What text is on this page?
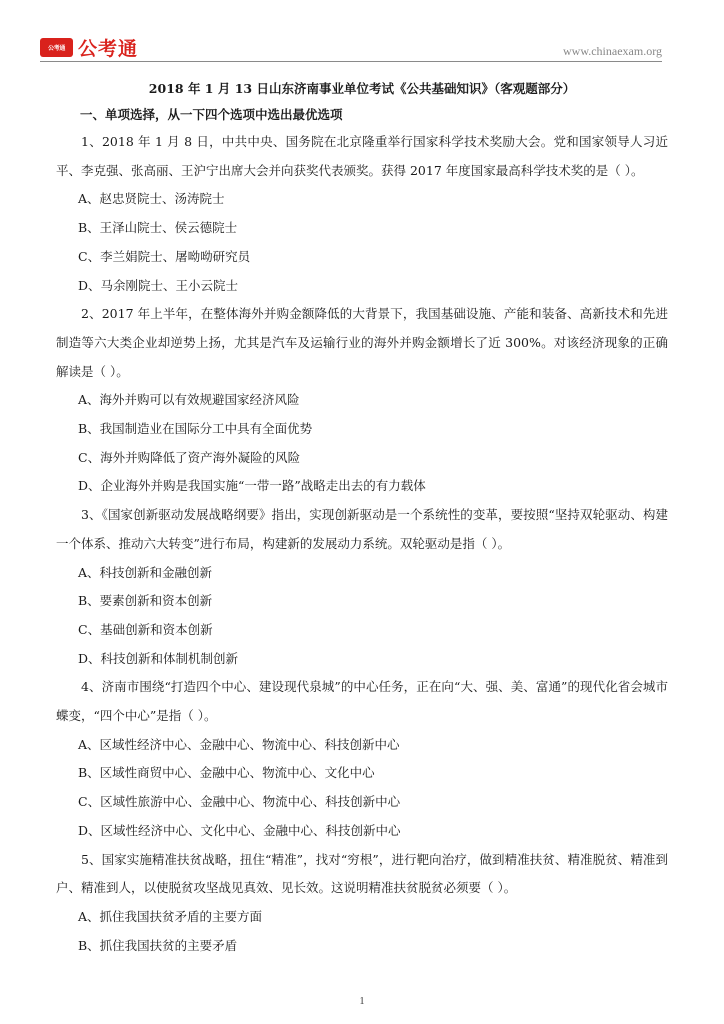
公考通 公考通	www.chinaexam.org

2018 年 1 月 13 日山东济南事业单位考试《公共基础知识》（客观题部分）

一、单项选择，从一下四个选项中选出最优选项

1、2018 年 1 月 8 日，中共中央、国务院在北京隆重举行国家科学技术奖励大会。党和国家领导人习近平、李克强、张高丽、王沪宁出席大会并向获奖代表颁奖。获得 2017 年度国家最高科学技术奖的是（ ）。

A、赵忠贤院士、汤涛院士

B、王泽山院士、侯云德院士

C、李兰娟院士、屠呦呦研究员

D、马余刚院士、王小云院士

2、2017 年上半年，在整体海外并购金额降低的大背景下，我国基础设施、产能和装备、高新技术和先进制造等六大类企业却逆势上扬，尤其是汽车及运输行业的海外并购金额增长了近 300%。对该经济现象的正确解读是（ ）。

A、海外并购可以有效规避国家经济风险

B、我国制造业在国际分工中具有全面优势

C、海外并购降低了资产海外凝险的风险

D、企业海外并购是我国实施“一带一路”战略走出去的有力载体

3、《国家创新驱动发展战略纲要》指出，实现创新驱动是一个系统性的变革，要按照“坚持双轮驱动、构建一个体系、推动六大转变”进行布局，构建新的发展动力系统。双轮驱动是指（ ）。

A、科技创新和金融创新

B、要素创新和资本创新

C、基础创新和资本创新

D、科技创新和体制机制创新

4、济南市围绕“打造四个中心、建设现代泉城”的中心任务，正在向“大、强、美、富通”的现代化省会城市蝶变，“四个中心”是指（ ）。

A、区域性经济中心、金融中心、物流中心、科技创新中心

B、区域性商贸中心、金融中心、物流中心、文化中心

C、区域性旅游中心、金融中心、物流中心、科技创新中心

D、区域性经济中心、文化中心、金融中心、科技创新中心

5、国家实施精准扶贫战略，扭住“精准”，找对“穷根”，进行靶向治疗，做到精准扶贫、精准脱贫、精准到户、精准到人，以使脱贫攻坚战见真效、见长效。这说明精准扶贫脱贫必须要（ ）。

A、抓住我国扶贫矛盾的主要方面

B、抓住我国扶贫的主要矛盾

1
